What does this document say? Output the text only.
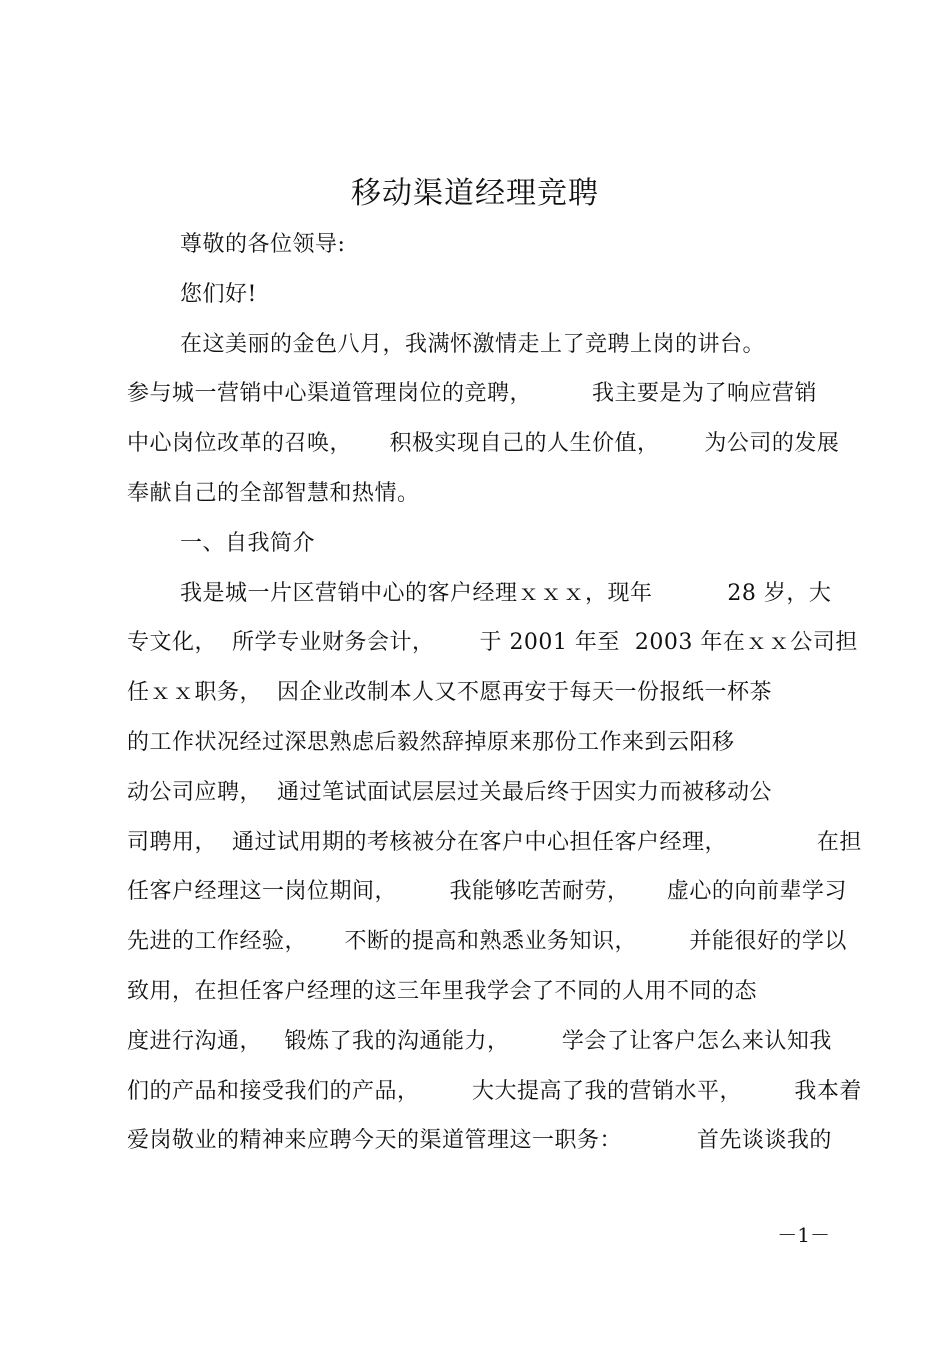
移动渠道经理竞聘
尊敬的各位领导:
您们好!
在这美丽的金色八月，我满怀激情走上了竞聘上岗的讲台。
参与城一营销中心渠道管理岗位的竞聘，        我主要是为了响应营销
中心岗位改革的召唤，     积极实现自己的人生价值，      为公司的发展
奉献自己的全部智慧和热情。
一、自我简介
我是城一片区营销中心的客户经理ｘｘｘ，现年          28 岁，大
专文化，  所学专业财务会计，      于 2001 年至  2003 年在ｘｘ公司担
任ｘｘ职务，  因企业改制本人又不愿再安于每天一份报纸一杯茶
的工作状况经过深思熟虑后毅然辞掉原来那份工作来到云阳移
动公司应聘，  通过笔试面试层层过关最后终于因实力而被移动公
司聘用，  通过试用期的考核被分在客户中心担任客户经理，            在担
任客户经理这一岗位期间，       我能够吃苦耐劳，     虚心的向前辈学习
先进的工作经验，     不断的提高和熟悉业务知识，       并能很好的学以
致用，在担任客户经理的这三年里我学会了不同的人用不同的态
度进行沟通，   锻炼了我的沟通能力，       学会了让客户怎么来认知我
们的产品和接受我们的产品，       大大提高了我的营销水平，       我本着
爱岗敬业的精神来应聘今天的渠道管理这一职务：          首先谈谈我的
－1－
